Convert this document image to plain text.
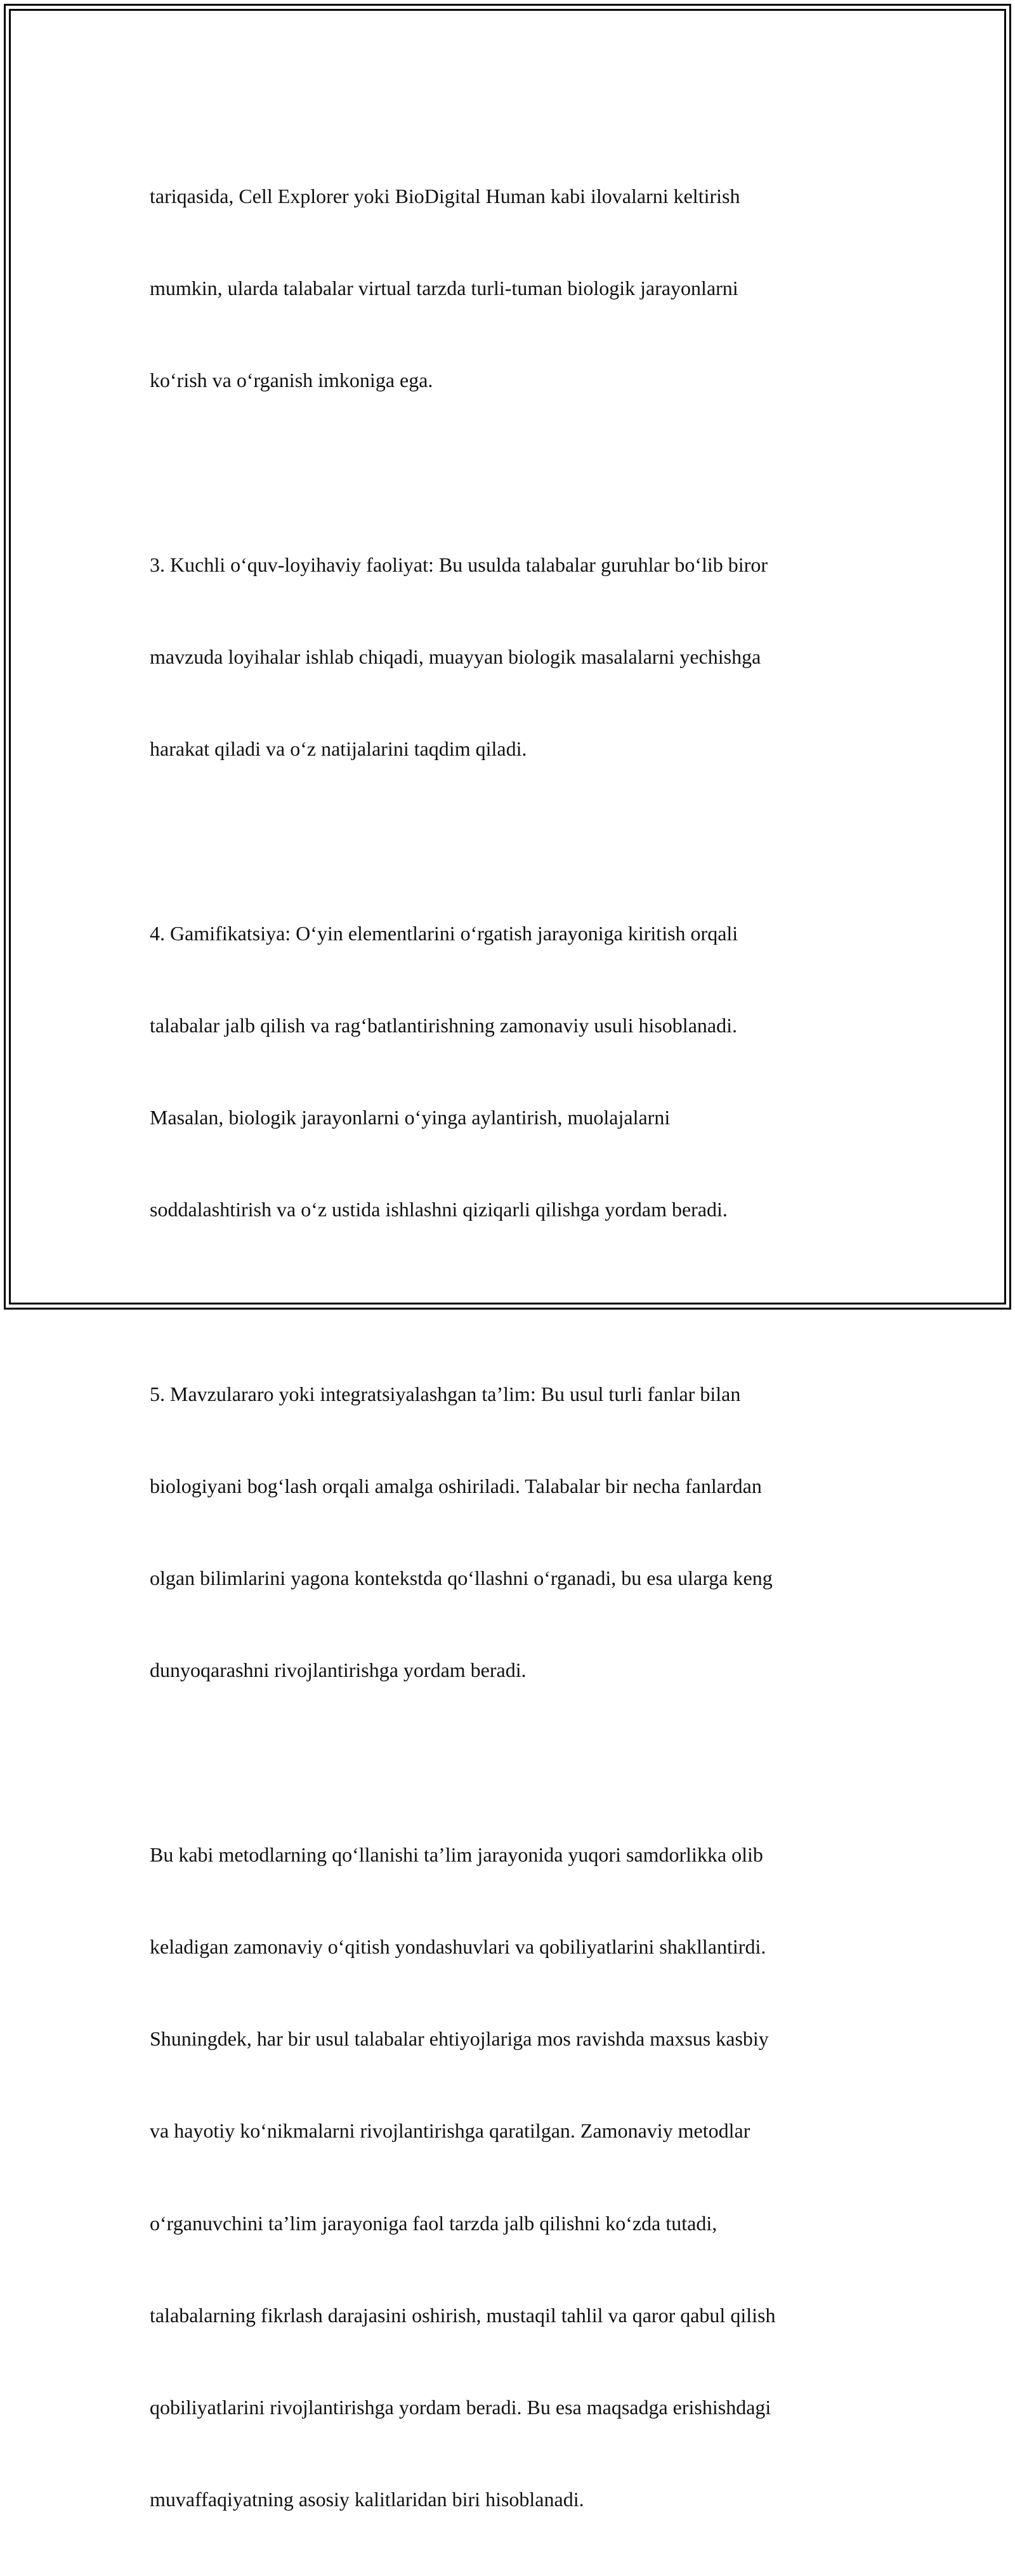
tariqasida, Cell Explorer yoki BioDigital Human kabi ilovalarni keltirish

mumkin, ularda talabalar virtual tarzda turli-tuman biologik jarayonlarni

ko‘rish va o‘rganish imkoniga ega.

3. Kuchli o‘quv-loyihaviy faoliyat: Bu usulda talabalar guruhlar bo‘lib biror

mavzuda loyihalar ishlab chiqadi, muayyan biologik masalalarni yechishga

harakat qiladi va o‘z natijalarini taqdim qiladi.

4. Gamifikatsiya: O‘yin elementlarini o‘rgatish jarayoniga kiritish orqali

talabalar jalb qilish va rag‘batlantirishning zamonaviy usuli hisoblanadi.

Masalan, biologik jarayonlarni o‘yinga aylantirish, muolajalarni

soddalashtirish va o‘z ustida ishlashni qiziqarli qilishga yordam beradi.

5. Mavzulararo yoki integratsiyalashgan ta’lim: Bu usul turli fanlar bilan

biologiyani bog‘lash orqali amalga oshiriladi. Talabalar bir necha fanlardan

olgan bilimlarini yagona kontekstda qo‘llashni o‘rganadi, bu esa ularga keng

dunyoqarashni rivojlantirishga yordam beradi.

Bu kabi metodlarning qo‘llanishi ta’lim jarayonida yuqori samdorlikka olib

keladigan zamonaviy o‘qitish yondashuvlari va qobiliyatlarini shakllantirdi.

Shuningdek, har bir usul talabalar ehtiyojlariga mos ravishda maxsus kasbiy

va hayotiy ko‘nikmalarni rivojlantirishga qaratilgan. Zamonaviy metodlar

o‘rganuvchini ta’lim jarayoniga faol tarzda jalb qilishni ko‘zda tutadi,

talabalarning fikrlash darajasini oshirish, mustaqil tahlil va qaror qabul qilish

qobiliyatlarini rivojlantirishga yordam beradi. Bu esa maqsadga erishishdagi

muvaffaqiyatning asosiy kalitlaridan biri hisoblanadi.
